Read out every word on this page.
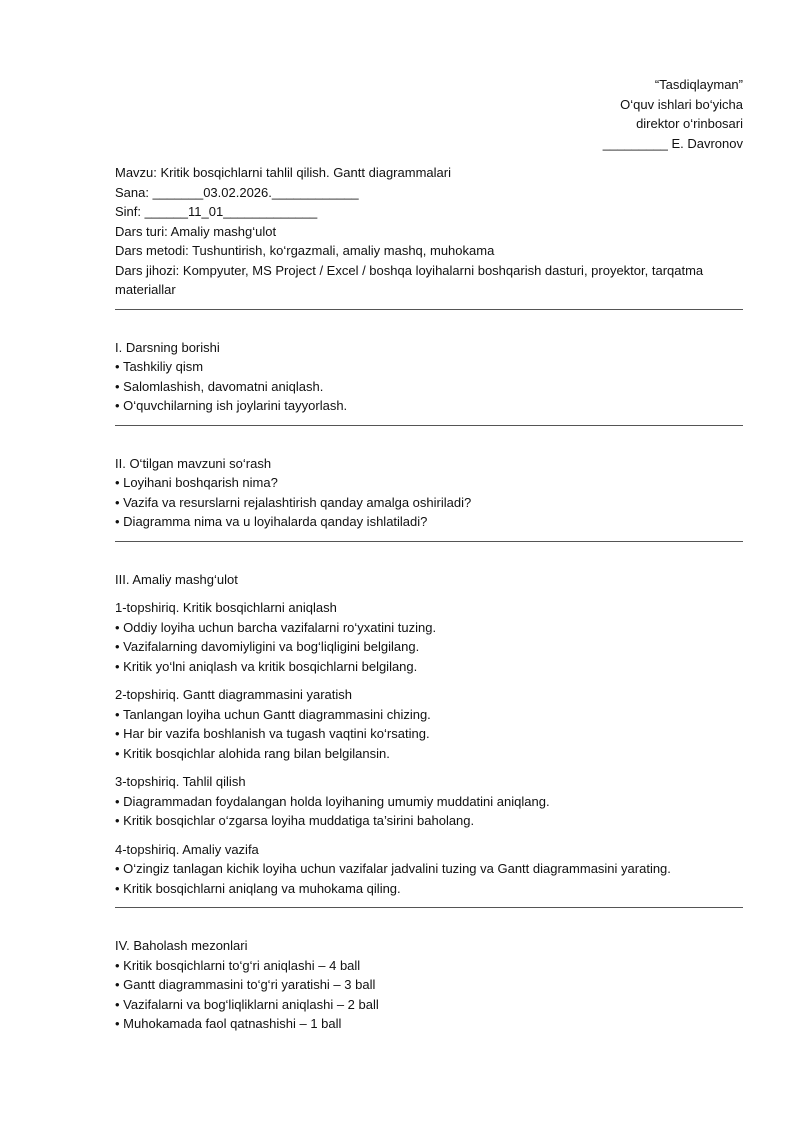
“Tasdiqlayman”
O‘quv ishlari bo‘yicha
direktor o‘rinbosari
_________ E. Davronov
Mavzu: Kritik bosqichlarni tahlil qilish. Gantt diagrammalari
Sana: _______03.02.2026.____________
Sinf: ______11_01_____________
Dars turi: Amaliy mashg‘ulot
Dars metodi: Tushuntirish, ko‘rgazmali, amaliy mashq, muhokama
Dars jihozi: Kompyuter, MS Project / Excel / boshqa loyihalarni boshqarish dasturi, proyektor, tarqatma materiallar
I. Darsning borishi
• Tashkiliy qism
• Salomlashish, davomatni aniqlash.
• O‘quvchilarning ish joylarini tayyorlash.
II. O‘tilgan mavzuni so‘rash
• Loyihani boshqarish nima?
• Vazifa va resurslarni rejalashtirish qanday amalga oshiriladi?
• Diagramma nima va u loyihalarda qanday ishlatiladi?
III. Amaliy mashg‘ulot
1-topshiriq. Kritik bosqichlarni aniqlash
• Oddiy loyiha uchun barcha vazifalarni ro‘yxatini tuzing.
• Vazifalarning davomiyligini va bog‘liqligini belgilang.
• Kritik yo‘lni aniqlash va kritik bosqichlarni belgilang.
2-topshiriq. Gantt diagrammasini yaratish
• Tanlangan loyiha uchun Gantt diagrammasini chizing.
• Har bir vazifa boshlanish va tugash vaqtini ko‘rsating.
• Kritik bosqichlar alohida rang bilan belgilansin.
3-topshiriq. Tahlil qilish
• Diagrammadan foydalangan holda loyihaning umumiy muddatini aniqlang.
• Kritik bosqichlar o‘zgarsa loyiha muddatiga ta’sirini baholang.
4-topshiriq. Amaliy vazifa
• O‘zingiz tanlagan kichik loyiha uchun vazifalar jadvalini tuzing va Gantt diagrammasini yarating.
• Kritik bosqichlarni aniqlang va muhokama qiling.
IV. Baholash mezonlari
• Kritik bosqichlarni to‘g‘ri aniqlashi – 4 ball
• Gantt diagrammasini to‘g‘ri yaratishi – 3 ball
• Vazifalarni va bog‘liqliklarni aniqlashi – 2 ball
• Muhokamada faol qatnashishi – 1 ball
